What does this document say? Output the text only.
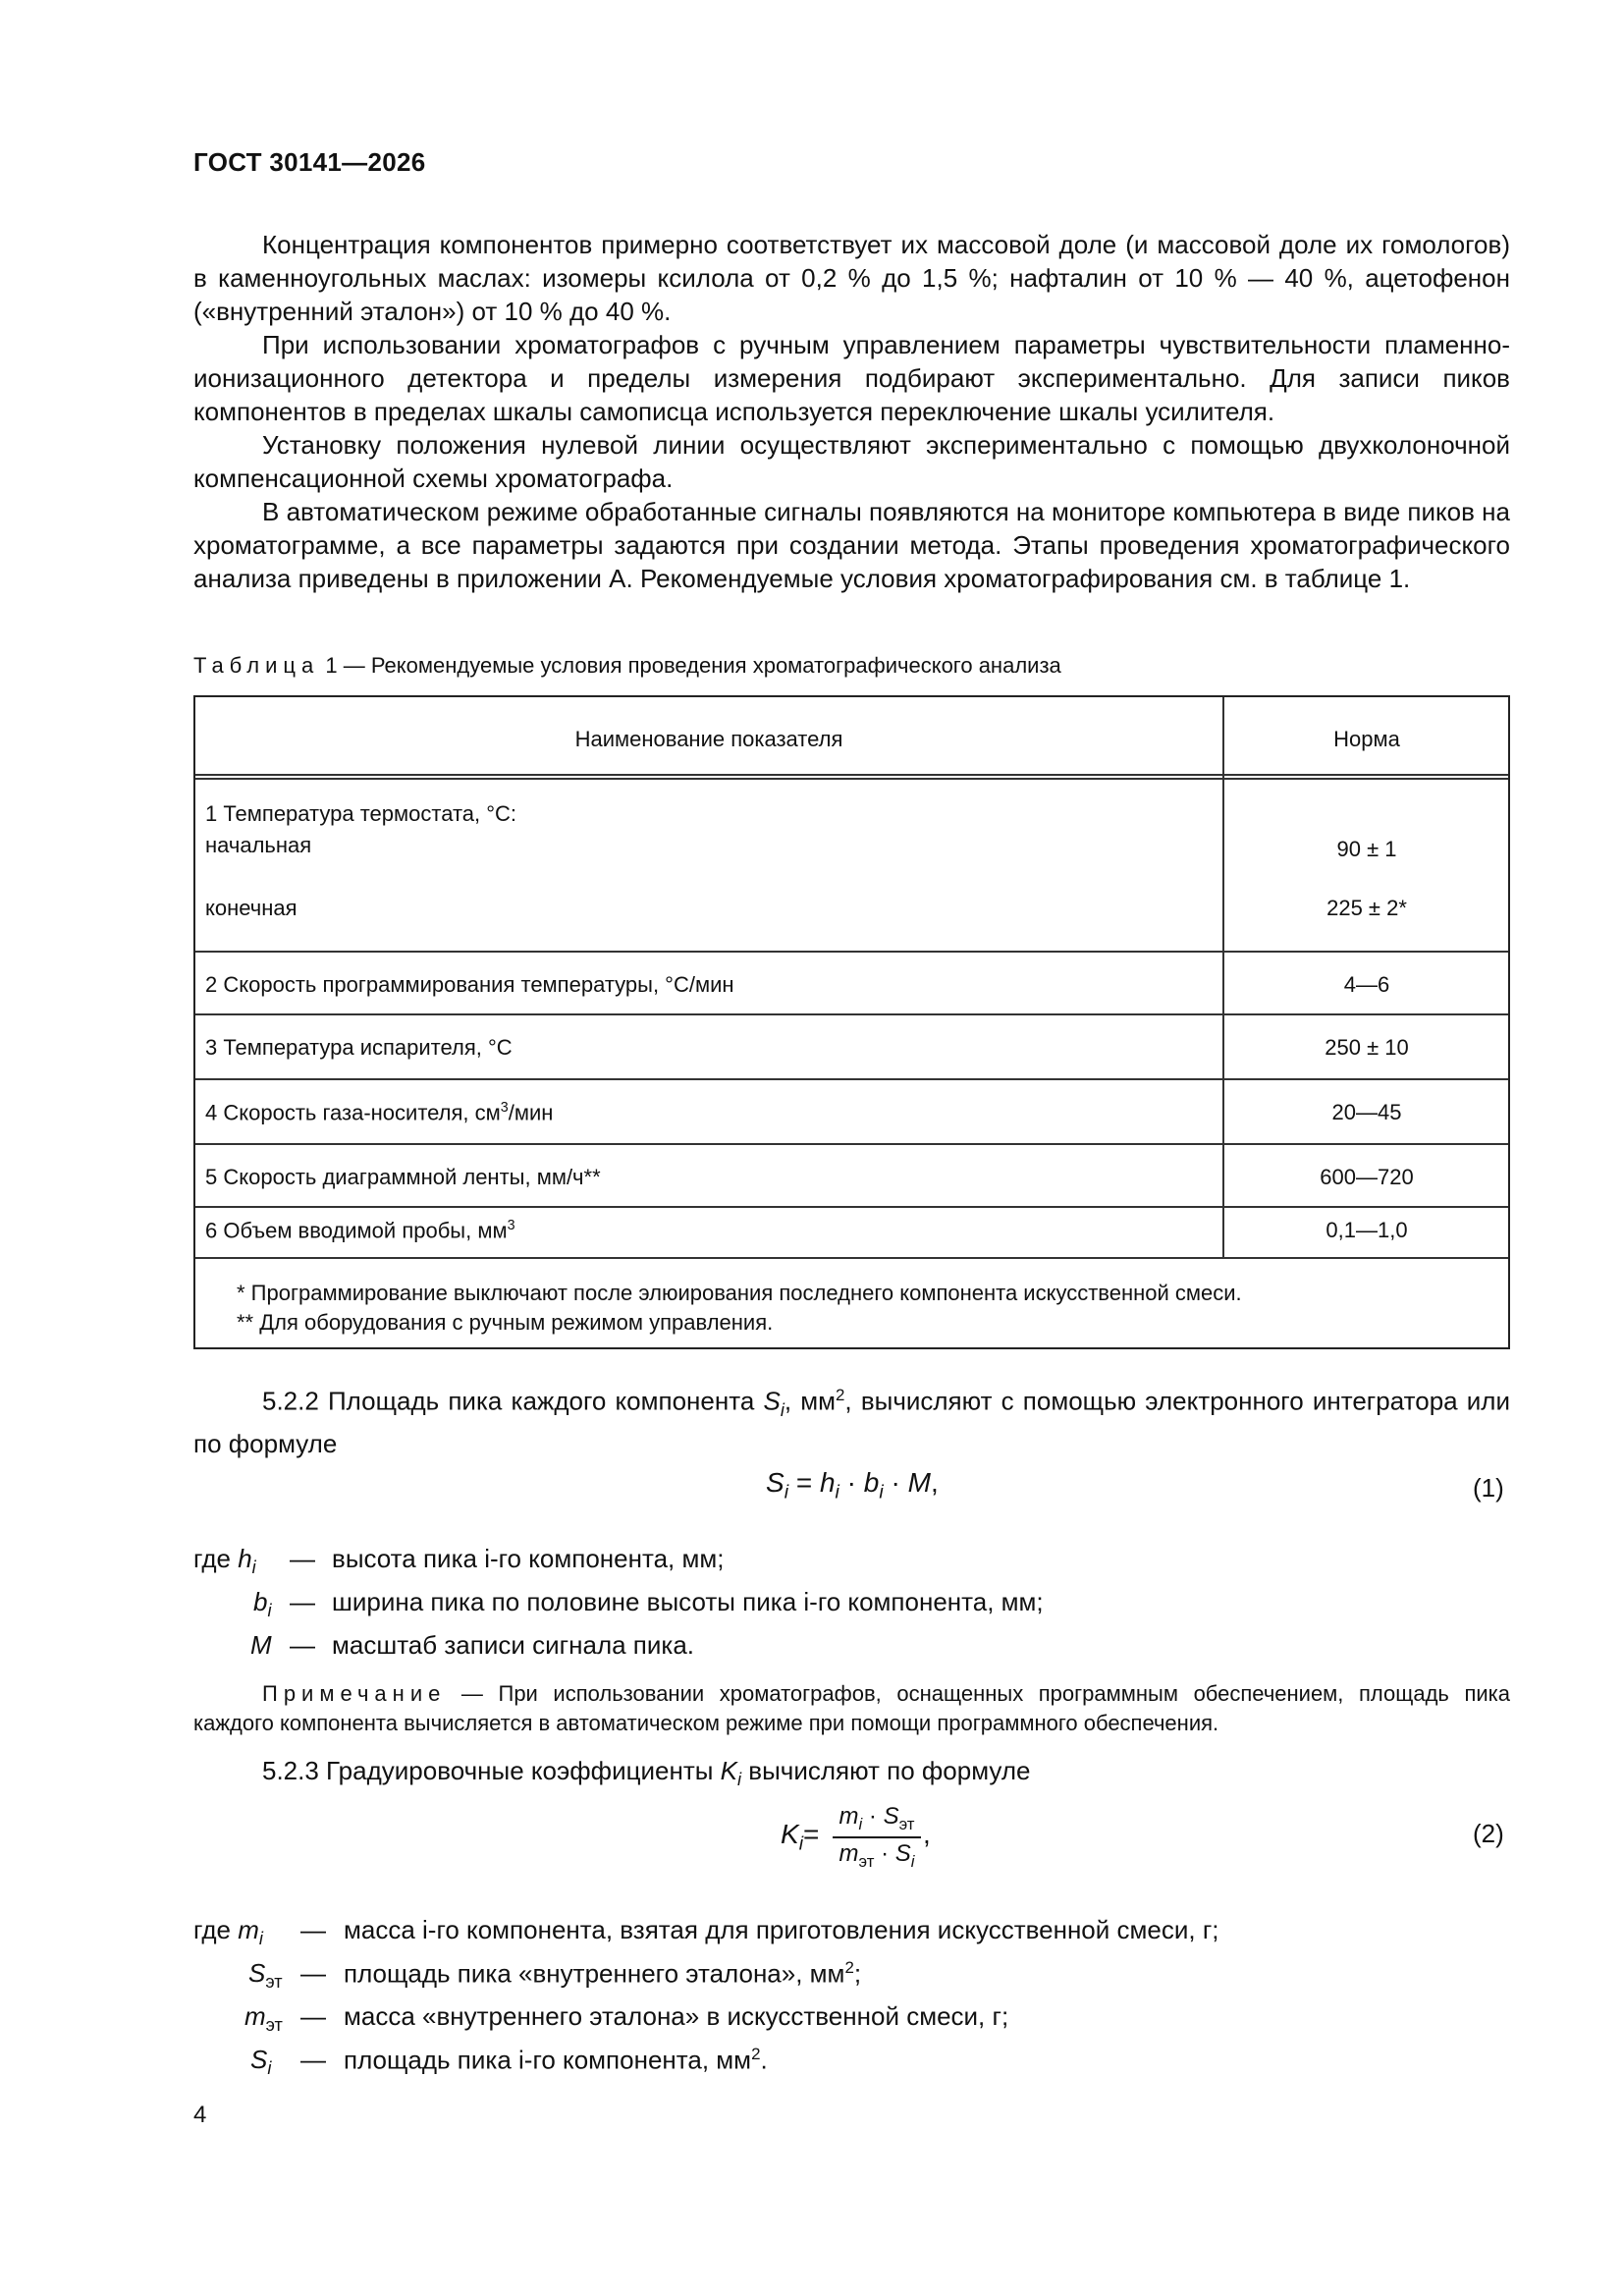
ГОСТ 30141—2026

Концентрация компонентов примерно соответствует их массовой доле (и массовой доле их гомологов) в каменноугольных маслах: изомеры ксилола от 0,2 % до 1,5 %; нафталин от 10 % — 40 %, ацетофенон («внутренний эталон») от 10 % до 40 %.

При использовании хроматографов с ручным управлением параметры чувствительности пламенно-ионизационного детектора и пределы измерения подбирают экспериментально. Для записи пиков компонентов в пределах шкалы самописца используется переключение шкалы усилителя.

Установку положения нулевой линии осуществляют экспериментально с помощью двухколоночной компенсационной схемы хроматографа.

В автоматическом режиме обработанные сигналы появляются на мониторе компьютера в виде пиков на хроматограмме, а все параметры задаются при создании метода. Этапы проведения хроматографического анализа приведены в приложении А. Рекомендуемые условия хроматографирования см. в таблице 1.

Таблица 1 — Рекомендуемые условия проведения хроматографического анализа
Наименование показателя	Норма
1 Температура термостата, °С:
начальная	90 ± 1
конечная	225 ± 2*
2 Скорость программирования температуры, °С/мин	4—6
3 Температура испарителя, °С	250 ± 10
4 Скорость газа-носителя, $см^3$/мин	20—45
5 Скорость диаграммной ленты, мм/ч**	600—720
6 Объем вводимой пробы, $мм^3$	0,1—1,0
* Программирование выключают после элюирования последнего компонента искусственной смеси.
** Для оборудования с ручным режимом управления.

5.2.2 Площадь пика каждого компонента $S_i$, $мм^2$, вычисляют с помощью электронного интегратора или по формуле

$S_i = h_i \cdot b_i \cdot M$,	(1)
где $h_i$ — высота пика i-го компонента, мм;
$b_i$ — ширина пика по половине высоты пика i-го компонента, мм;
M — масштаб записи сигнала пика.
Примечание — При использовании хроматографов, оснащенных программным обеспечением, площадь пика каждого компонента вычисляется в автоматическом режиме при помощи программного обеспечения.

5.2.3 Градуировочные коэффициенты $K_i$ вычисляют по формуле

$K_i=$
$m_i \cdot S_{эт}$
$m_{эт} \cdot S_i$
,	(2)
где $m_i$ — масса i-го компонента, взятая для приготовления искусственной смеси, г;
$S_{эт}$ — площадь пика «внутреннего эталона», $мм^2$;
$m_{эт}$ — масса «внутреннего эталона» в искусственной смеси, г;
$S_i$ — площадь пика i-го компонента, $мм^2$.
4
